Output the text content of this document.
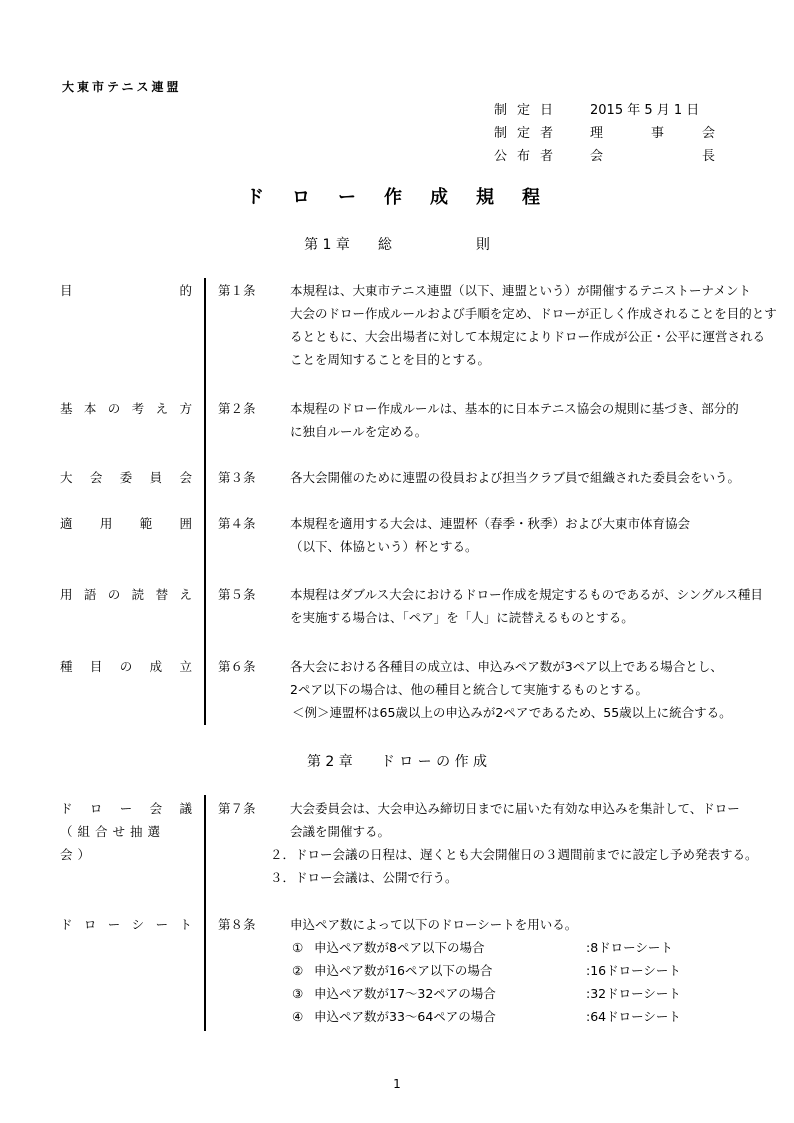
大東市テニス連盟
制 定 日	2015 年 5 月 1 日
制 定 者	理	事	会
公 布 者	会	長
ドロー作成規程
第 1 章　　総　　　　　　則
目	的 第１条	本規程は、大東市テニス連盟（以下、連盟という）が開催するテニストーナメント
大会のドロー作成ルールおよび手順を定め、ドローが正しく作成されることを目的とす
るとともに、大会出場者に対して本規定によりドロー作成が公正・公平に運営される
ことを周知することを目的とする。
基 本 の 考 え 方 第２条	本規程のドロー作成ルールは、基本的に日本テニス協会の規則に基づき、部分的
に独自ルールを定める。
大 会 委 員 会 第３条	各大会開催のために連盟の役員および担当クラブ員で組織された委員会をいう。
適 用 範 囲 第４条	本規程を適用する大会は、連盟杯（春季・秋季）および大東市体育協会
（以下、体協という）杯とする。
用 語 の 読 替 え 第５条	本規程はダブルス大会におけるドロー作成を規定するものであるが、シングルス種目
を実施する場合は、「ペア」を「人」に読替えるものとする。
種 目 の 成 立 第６条	各大会における各種目の成立は、申込みペア数が3ペア以上である場合とし、
2ペア以下の場合は、他の種目と統合して実施するものとする。
＜例＞連盟杯は65歳以上の申込みが2ペアであるため、55歳以上に統合する。
第 2 章　　ド ロ ー の 作 成
ド ロ ー 会 議
（組合せ抽選会）
第７条	大会委員会は、大会申込み締切日までに届いた有効な申込みを集計して、ドロー
会議を開催する。
２．ドロー会議の日程は、遅くとも大会開催日の３週間前までに設定し予め発表する。
３．ドロー会議は、公開で行う。
ド ロ ー シ ー ト 第８条	申込ペア数によって以下のドローシートを用いる。
① 申込ペア数が8ペア以下の場合	:8ドローシート
② 申込ペア数が16ペア以下の場合	:16ドローシート
③ 申込ペア数が17～32ペアの場合	:32ドローシート
④ 申込ペア数が33～64ペアの場合	:64ドローシート
1
